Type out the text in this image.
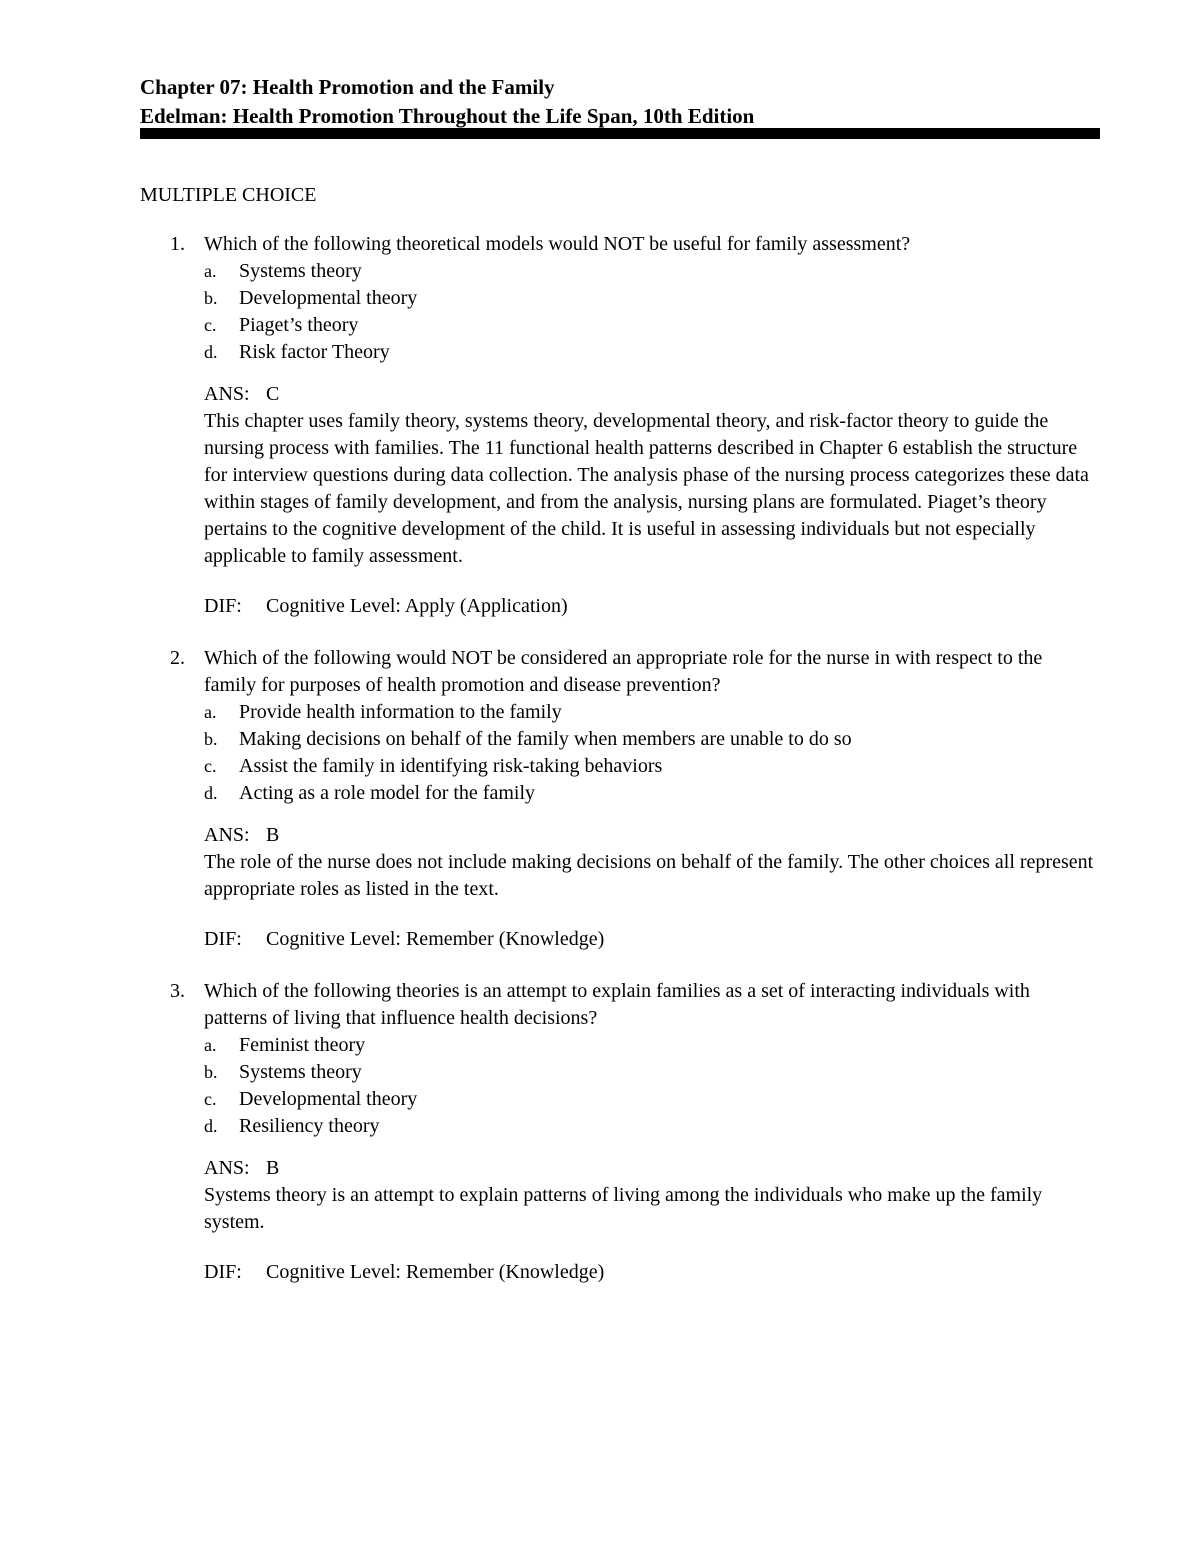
Chapter 07: Health Promotion and the Family
Edelman: Health Promotion Throughout the Life Span, 10th Edition
MULTIPLE CHOICE
1. Which of the following theoretical models would NOT be useful for family assessment?

a.	Systems theory
b.	Developmental theory
c.	Piaget’s theory
d.	Risk factor Theory
ANS: C

This chapter uses family theory, systems theory, developmental theory, and risk-factor theory to guide the nursing process with families. The 11 functional health patterns described in Chapter 6 establish the structure for interview questions during data collection. The analysis phase of the nursing process categorizes these data within stages of family development, and from the analysis, nursing plans are formulated. Piaget’s theory pertains to the cognitive development of the child. It is useful in assessing individuals but not especially applicable to family assessment.

DIF: Cognitive Level: Apply (Application)
2. Which of the following would NOT be considered an appropriate role for the nurse in with respect to the family for purposes of health promotion and disease prevention?

a.	Provide health information to the family
b.	Making decisions on behalf of the family when members are unable to do so
c.	Assist the family in identifying risk-taking behaviors
d.	Acting as a role model for the family
ANS: B

The role of the nurse does not include making decisions on behalf of the family. The other choices all represent appropriate roles as listed in the text.

DIF: Cognitive Level: Remember (Knowledge)
3. Which of the following theories is an attempt to explain families as a set of interacting individuals with patterns of living that influence health decisions?

a.	Feminist theory
b.	Systems theory
c.	Developmental theory
d.	Resiliency theory
ANS: B

Systems theory is an attempt to explain patterns of living among the individuals who make up the family system.

DIF: Cognitive Level: Remember (Knowledge)
